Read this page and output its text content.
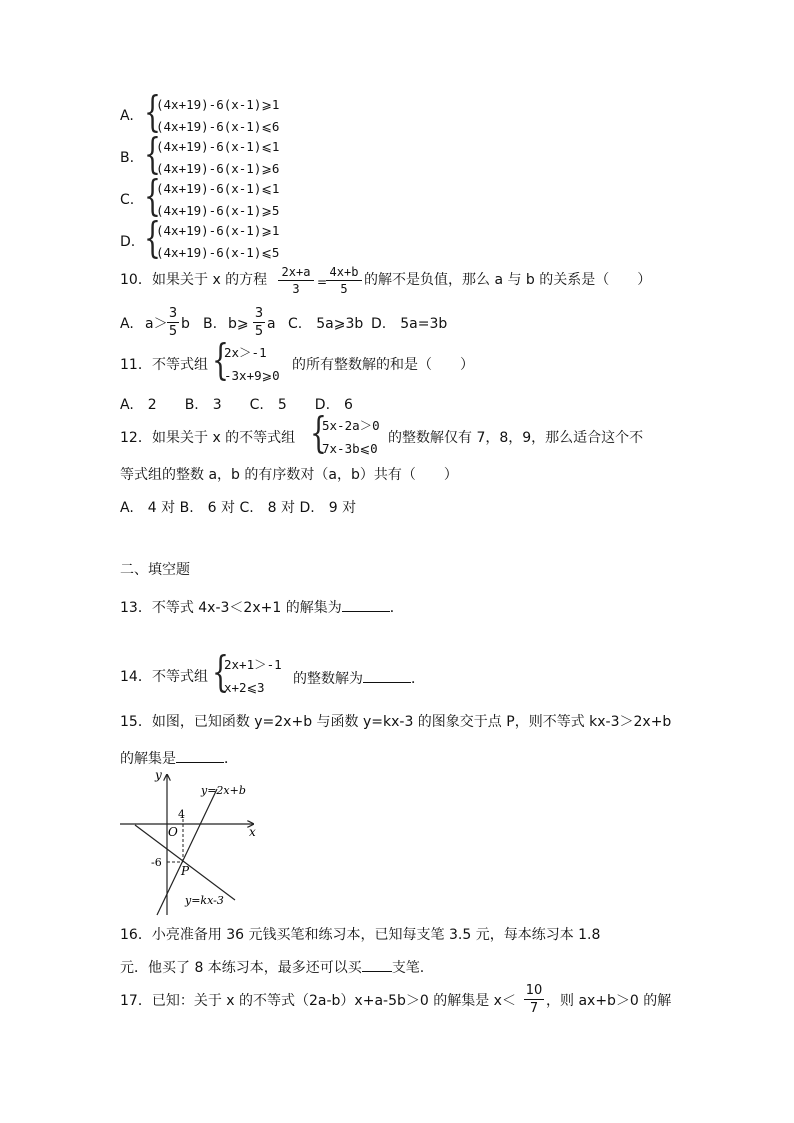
A. {
(4x+19)-6(x-1)⩾1
(4x+19)-6(x-1)⩽6
B. {
(4x+19)-6(x-1)⩽1
(4x+19)-6(x-1)⩾6
C. {
(4x+19)-6(x-1)⩽1
(4x+19)-6(x-1)⩾5
D. {
(4x+19)-6(x-1)⩾1
(4x+19)-6(x-1)⩽5
10． 如果关于 x 的方程 2x+a
3	=
4x+b
5
的解不是负值，那么 a 与 b 的关系是（　　）
A. a＞
3
5 b B. b⩾
3
5 a C.　5a⩾3b D.　5a=3b
11． 不等式组 {
2x＞-1
-3x+9⩾0
的所有整数解的和是（　　）
A.　2　　B.　3　　C.　5　　D.　6
12． 如果关于 x 的不等式组 {
5x-2a＞0
7x-3b⩽0
的整数解仅有 7，8，9，那么适合这个不
等式组的整数 a，b 的有序数对（a，b）共有（　　）
A.　4 对 B.　6 对 C.　8 对 D.　9 对
二、填空题
13．不等式 4x-3＜2x+1 的解集为	．
14． 不等式组 {
2x+1＞-1
x+2⩽3
的整数解为	．
15．如图，已知函数 y=2x+b 与函数 y=kx-3 的图象交于点 P，则不等式 kx-3＞2x+b
的解集是	．
y
x
O
4
-6
P
y=2x+b
y=kx-3
16．小亮准备用 36 元钱买笔和练习本，已知每支笔 3.5 元，每本练习本 1.8
元．他买了 8 本练习本，最多还可以买 支笔.
17．已知：关于 x 的不等式（2a-b）x+a-5b＞0 的解集是 x＜
10
7 ，则 ax+b＞0 的解
